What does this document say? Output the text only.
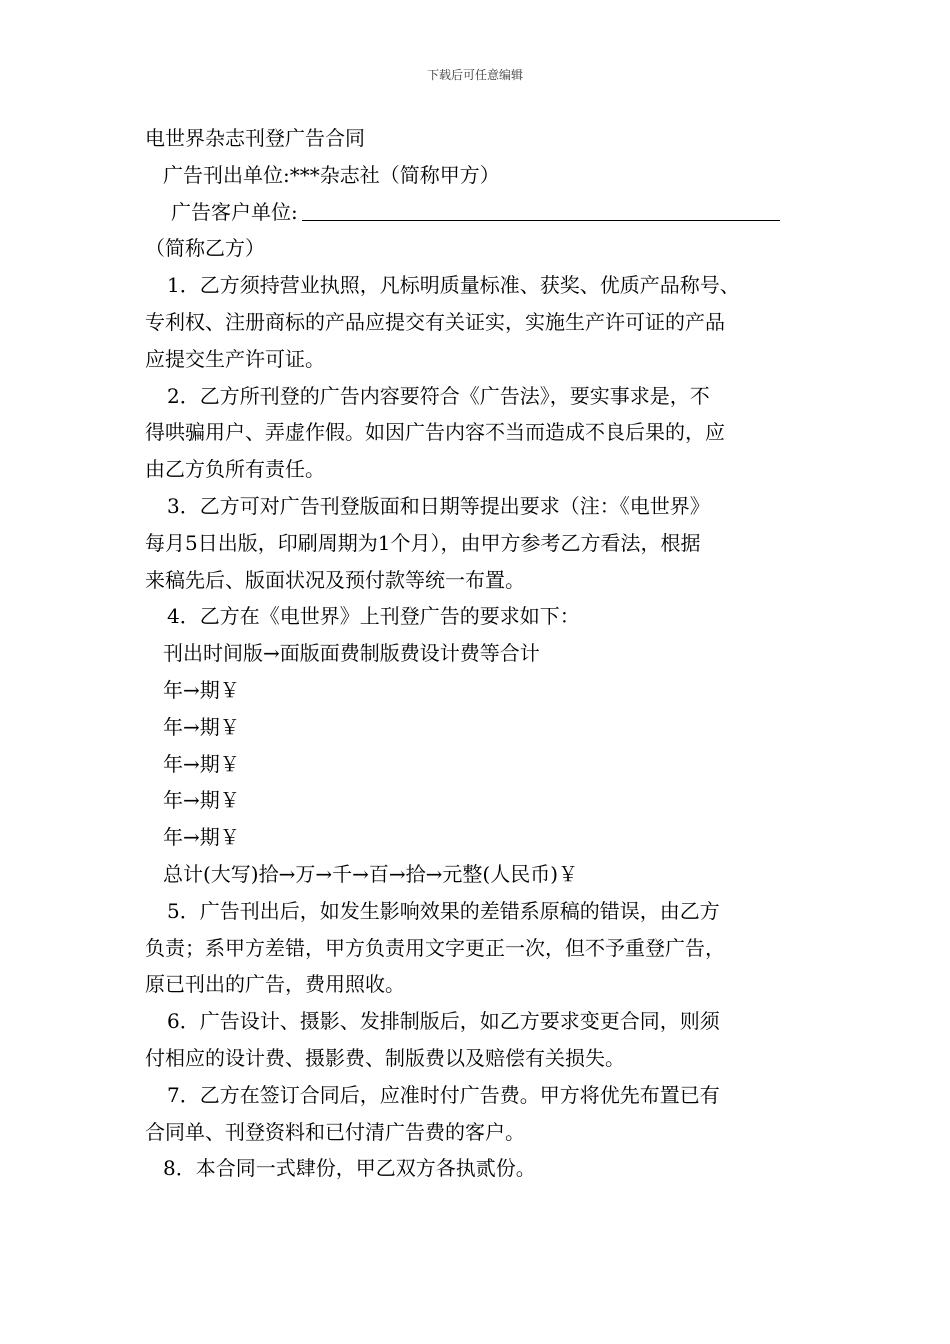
下载后可任意编辑
电世界杂志刊登广告合同
广告刊出单位:***杂志社（简称甲方）
广告客户单位:
（简称乙方）
1．乙方须持营业执照，凡标明质量标准、获奖、优质产品称号、
专利权、注册商标的产品应提交有关证实，实施生产许可证的产品
应提交生产许可证。
2．乙方所刊登的广告内容要符合《广告法》，要实事求是，不
得哄骗用户、弄虚作假。如因广告内容不当而造成不良后果的，应
由乙方负所有责任。
3．乙方可对广告刊登版面和日期等提出要求（注：《电世界》
每月5日出版，印刷周期为1个月），由甲方参考乙方看法，根据
来稿先后、版面状况及预付款等统一布置。
4．乙方在《电世界》上刊登广告的要求如下：
刊出时间版→面版面费制版费设计费等合计
年→期￥
年→期￥
年→期￥
年→期￥
年→期￥
总计(大写)拾→万→千→百→拾→元整(人民币)￥
5．广告刊出后，如发生影响效果的差错系原稿的错误，由乙方
负责；系甲方差错，甲方负责用文字更正一次，但不予重登广告，
原已刊出的广告，费用照收。
6．广告设计、摄影、发排制版后，如乙方要求变更合同，则须
付相应的设计费、摄影费、制版费以及赔偿有关损失。
7．乙方在签订合同后，应准时付广告费。甲方将优先布置已有
合同单、刊登资料和已付清广告费的客户。
8．本合同一式肆份，甲乙双方各执贰份。
